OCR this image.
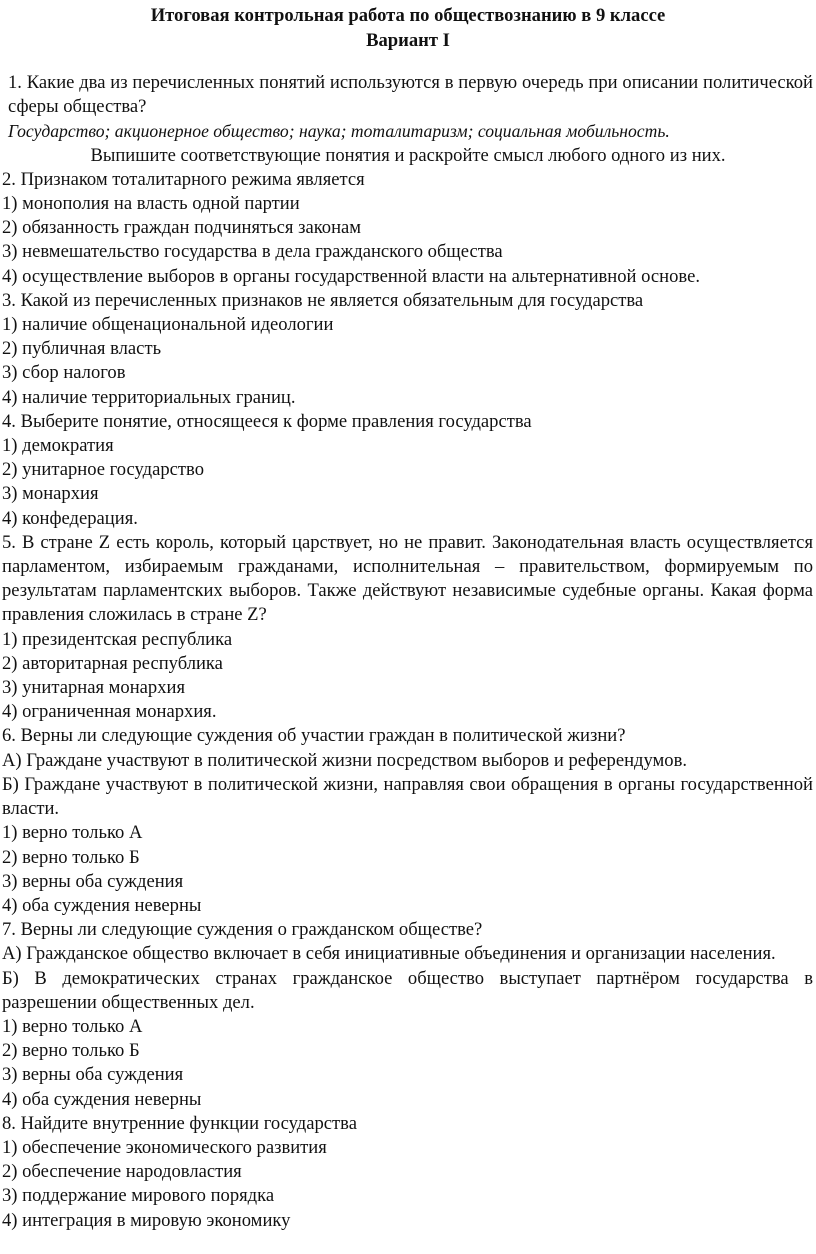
Итоговая контрольная работа по обществознанию в 9 классе
Вариант I
1. Какие два из перечисленных понятий используются в первую очередь при описании политической сферы общества?
Государство; акционерное общество; наука; тоталитаризм; социальная мобильность.
Выпишите соответствующие понятия и раскройте смысл любого одного из них.
2. Признаком тоталитарного режима является
1) монополия на власть одной партии
2) обязанность граждан подчиняться законам
3) невмешательство государства в дела гражданского общества
4) осуществление выборов в органы государственной власти на альтернативной основе.
3. Какой из перечисленных признаков не является обязательным для государства
1) наличие общенациональной идеологии
2) публичная власть
3) сбор налогов
4) наличие территориальных границ.
4. Выберите понятие, относящееся к форме правления государства
1) демократия
2) унитарное государство
3) монархия
4) конфедерация.
5. В стране Z есть король, который царствует, но не правит. Законодательная власть осуществляется парламентом, избираемым гражданами, исполнительная – правительством, формируемым по результатам парламентских выборов. Также действуют независимые судебные органы. Какая форма правления сложилась в стране Z?
1) президентская республика
2) авторитарная республика
3) унитарная монархия
4) ограниченная монархия.
6. Верны ли следующие суждения об участии граждан в политической жизни?
А) Граждане участвуют в политической жизни посредством выборов и референдумов.
Б) Граждане участвуют в политической жизни, направляя свои обращения в органы государственной власти.
1) верно только А
2) верно только Б
3) верны оба суждения
4) оба суждения неверны
7. Верны ли следующие суждения о гражданском обществе?
А) Гражданское общество включает в себя инициативные объединения и организации населения.
Б) В демократических странах гражданское общество выступает партнёром государства в разрешении общественных дел.
1) верно только А
2) верно только Б
3) верны оба суждения
4) оба суждения неверны
8. Найдите внутренние функции государства
1) обеспечение экономического развития
2) обеспечение народовластия
3) поддержание мирового порядка
4) интеграция в мировую экономику
